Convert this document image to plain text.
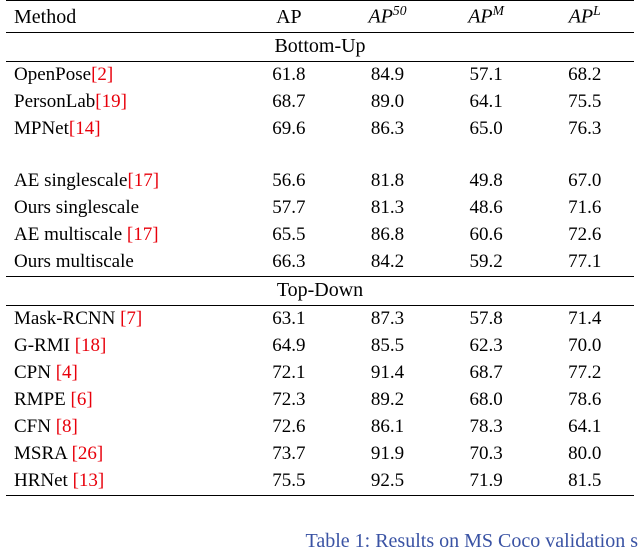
Method	AP	AP$^{50}$	$AP^M$	$AP^L$
Bottom-Up				
OpenPose[2]	61.8	84.9	57.1	68.2
PersonLab[19]	68.7	89.0	64.1	75.5
MPNet[14]	69.6	86.3	65.0	76.3

AE singlescale[17]	56.6	81.8	49.8	67.0
Ours singlescale	57.7	81.3	48.6	71.6
AE multiscale [17]	65.5	86.8	60.6	72.6
Ours multiscale	66.3	84.2	59.2	77.1
Top-Down				
Mask-RCNN [7]	63.1	87.3	57.8	71.4
G-RMI [18]	64.9	85.5	62.3	70.0
CPN [4]	72.1	91.4	68.7	77.2
RMPE [6]	72.3	89.2	68.0	78.6
CFN [8]	72.6	86.1	78.3	64.1
MSRA [26]	73.7	91.9	70.3	80.0
HRNet [13]	75.5	92.5	71.9	81.5
Table 1: Results on MS Coco validation s
